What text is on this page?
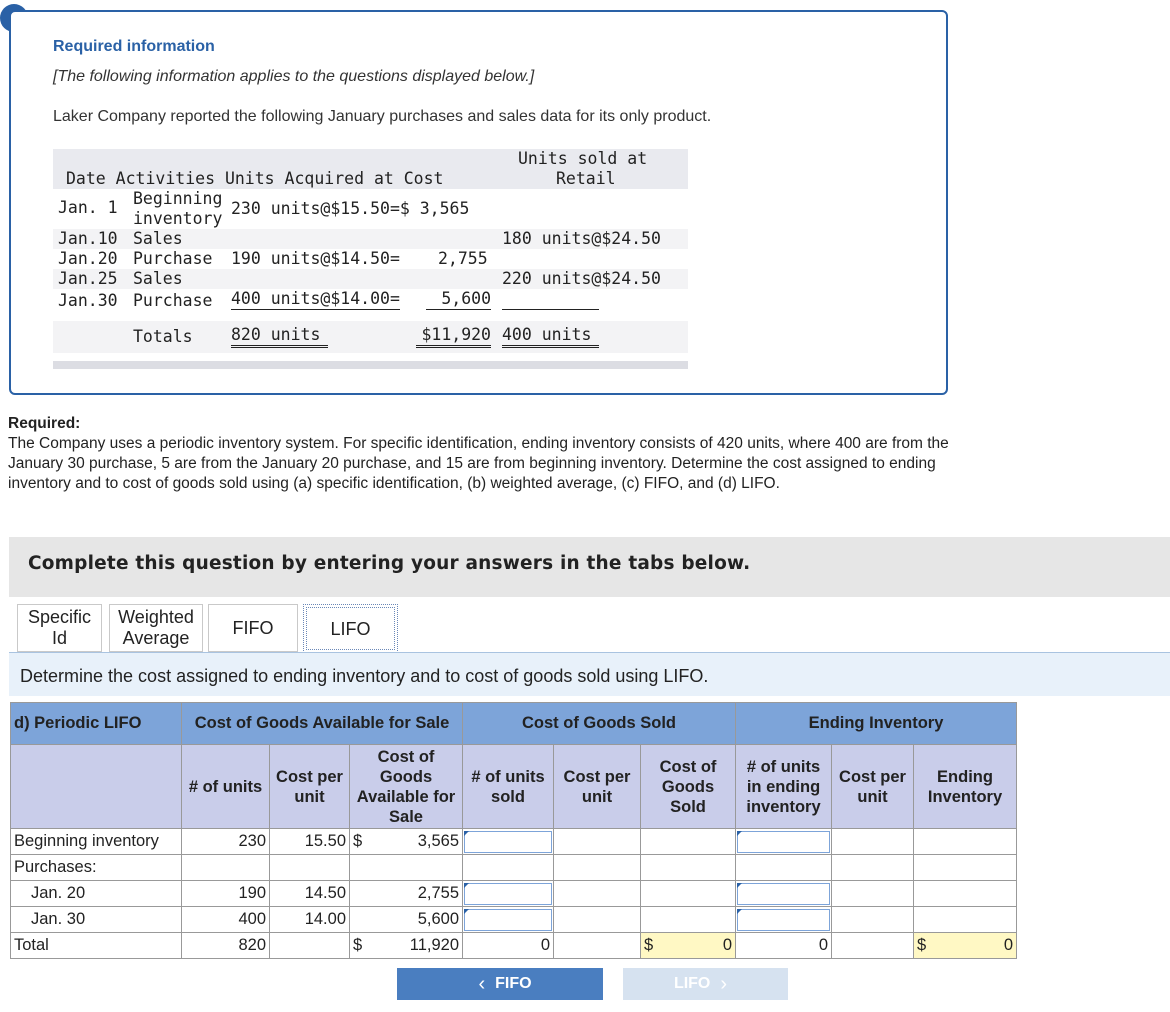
Required information
[The following information applies to the questions displayed below.]
Laker Company reported the following January purchases and sales data for its only product.
Date Activities Units Acquired at Cost
Units sold at
Retail
Jan. 1 Beginning
inventory
230 units@$15.50=$ 3,565
Jan.10 Sales	180 units@$24.50
Jan.20 Purchase 190 units@$14.50= 2,755
Jan.25 Sales	220 units@$24.50
Jan.30 Purchase 400 units@$14.00=	5,600
Totals 820 units	$11,920 400 units
Required:
The Company uses a periodic inventory system. For specific identification, ending inventory consists of 420 units, where 400 are from the January 30 purchase, 5 are from the January 20 purchase, and 15 are from beginning inventory. Determine the cost assigned to ending inventory and to cost of goods sold using (a) specific identification, (b) weighted average, (c) FIFO, and (d) LIFO.
Complete this question by entering your answers in the tabs below.
Specific
Id
Weighted
Average
FIFO	LIFO
Determine the cost assigned to ending inventory and to cost of goods sold using LIFO.
d) Periodic LIFO	Cost of Goods Available for Sale			Cost of Goods Sold			Ending Inventory		
	# of units	Cost per unit	Cost of Goods Available for Sale	# of units sold	Cost per unit	Cost of Goods Sold	# of units in ending inventory	Cost per unit	Ending Inventory
Beginning inventory	230	15.50	$ 3,565						

Purchases:									
Jan. 20	190	14.50	2,755	

Jan. 30	400	14.00	5,600	

Total	820		$ 11,920	0		$ 0	0		$ 0
‹ FIFO	LIFO ›
